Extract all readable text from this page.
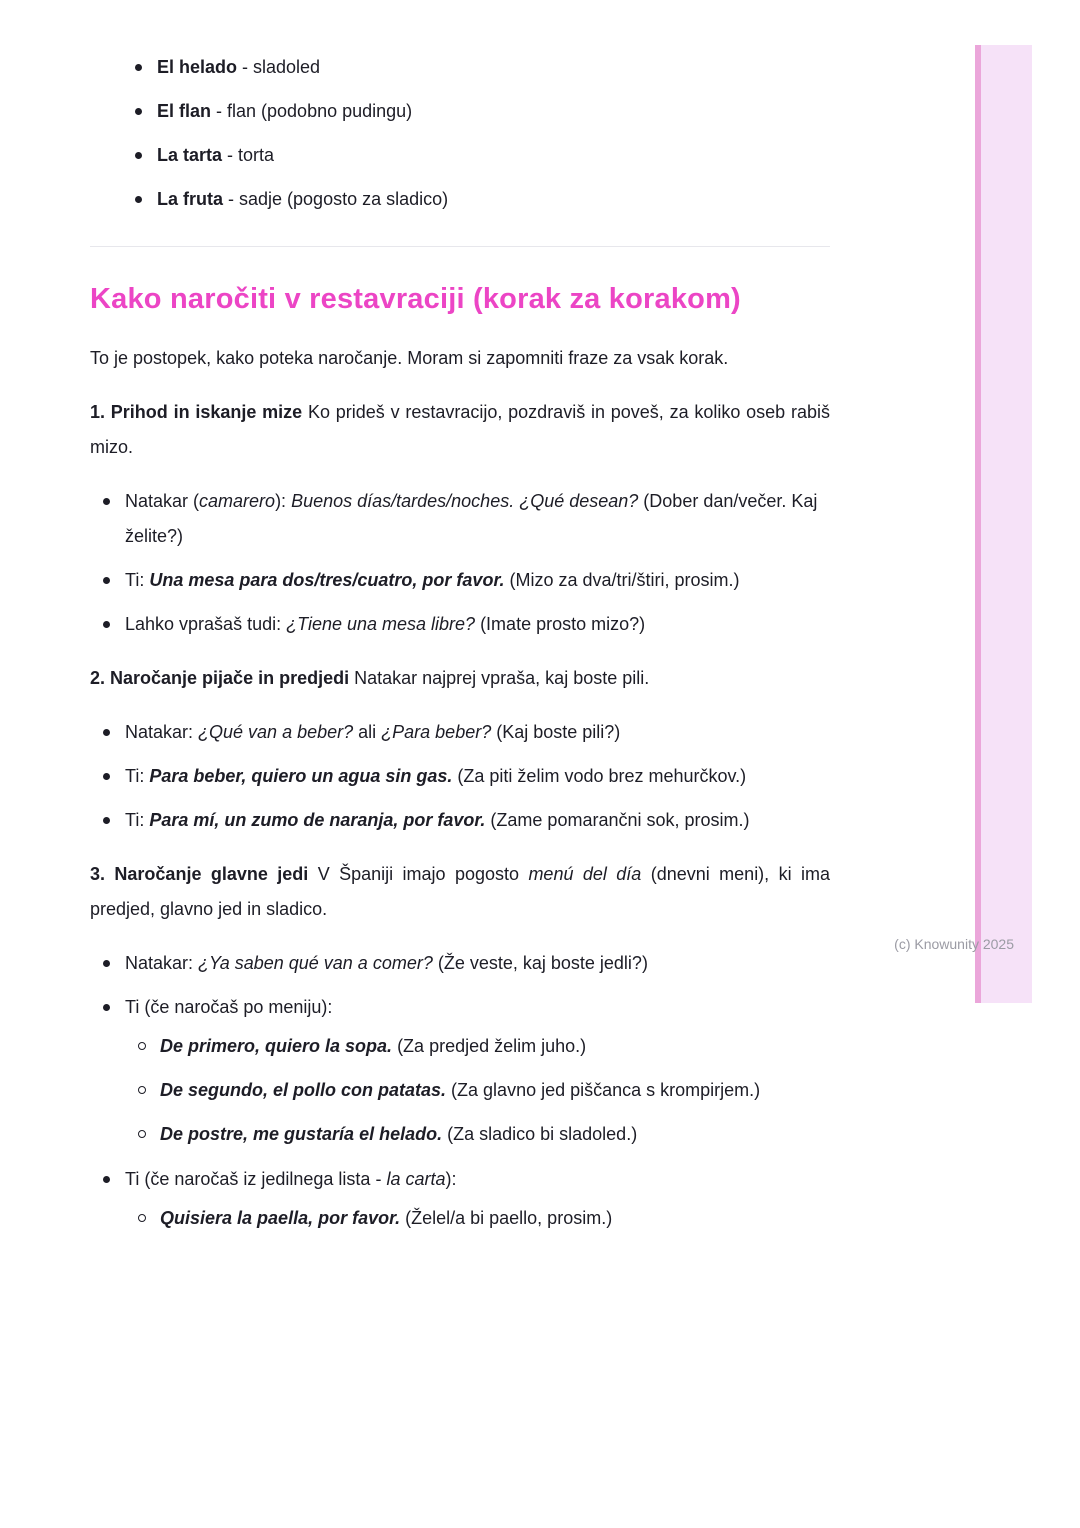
(c) Knowunity 2025
El helado - sladoled
El flan - flan (podobno pudingu)
La tarta - torta
La fruta - sadje (pogosto za sladico)
Kako naročiti v restavraciji (korak za korakom)

To je postopek, kako poteka naročanje. Moram si zapomniti fraze za vsak korak.

1. Prihod in iskanje mize Ko prideš v restavracijo, pozdraviš in poveš, za koliko oseb rabiš mizo.

Natakar (camarero): Buenos días/tardes/noches. ¿Qué desean? (Dober dan/večer. Kaj želite?)
Ti: Una mesa para dos/tres/cuatro, por favor. (Mizo za dva/tri/štiri, prosim.)
Lahko vprašaš tudi: ¿Tiene una mesa libre? (Imate prosto mizo?)

2. Naročanje pijače in predjedi Natakar najprej vpraša, kaj boste pili.

Natakar: ¿Qué van a beber? ali ¿Para beber? (Kaj boste pili?)
Ti: Para beber, quiero un agua sin gas. (Za piti želim vodo brez mehurčkov.)
Ti: Para mí, un zumo de naranja, por favor. (Zame pomarančni sok, prosim.)

3. Naročanje glavne jedi V Španiji imajo pogosto menú del día (dnevni meni), ki ima predjed, glavno jed in sladico.

Natakar: ¿Ya saben qué van a comer? (Že veste, kaj boste jedli?)
Ti (če naročaš po meniju):
De primero, quiero la sopa. (Za predjed želim juho.)
De segundo, el pollo con patatas. (Za glavno jed piščanca s krompirjem.)
De postre, me gustaría el helado. (Za sladico bi sladoled.)
Ti (če naročaš iz jedilnega lista - la carta):
Quisiera la paella, por favor. (Želel/a bi paello, prosim.)
